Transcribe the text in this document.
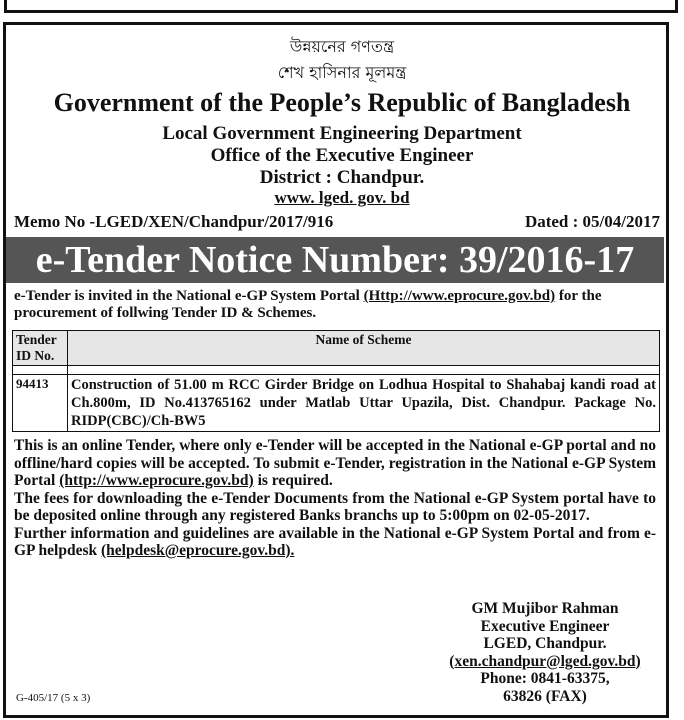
উন্নয়নের গণতন্ত্র
শেখ হাসিনার মূলমন্ত্র
Government of the People’s Republic of Bangladesh
Local Government Engineering Department
Office of the Executive Engineer
District : Chandpur.
www. lged. gov. bd
Memo No -LGED/XEN/Chandpur/2017/916	Dated : 05/04/2017
e-Tender Notice Number: 39/2016-17
e-Tender is invited in the National e-GP System Portal (Http://www.eprocure.gov.bd) for the procurement of follwing Tender ID & Schemes.
Tender
ID No.	Name of Scheme

94413	Construction of 51.00 m RCC Girder Bridge on Lodhua Hospital to Shahabaj kandi road at Ch.800m, ID No.413765162 under Matlab Uttar Upazila, Dist. Chandpur. Package No. RIDP(CBC)/Ch-BW5

This is an online Tender, where only e-Tender will be accepted in the National e-GP portal and no offline/hard copies will be accepted. To submit e-Tender, registration in the National e-GP System Portal (http://www.eprocure.gov.bd) is required.

The fees for downloading the e-Tender Documents from the National e-GP System portal have to be deposited online through any registered Banks branchs up to 5:00pm on 02-05-2017.

Further information and guidelines are available in the National e-GP System Portal and from e-GP helpdesk (helpdesk@eprocure.gov.bd).

GM Mujibor Rahman
Executive Engineer
LGED, Chandpur.
(xen.chandpur@lged.gov.bd)
Phone: 0841-63375,
63826 (FAX)
G-405/17 (5 x 3)
